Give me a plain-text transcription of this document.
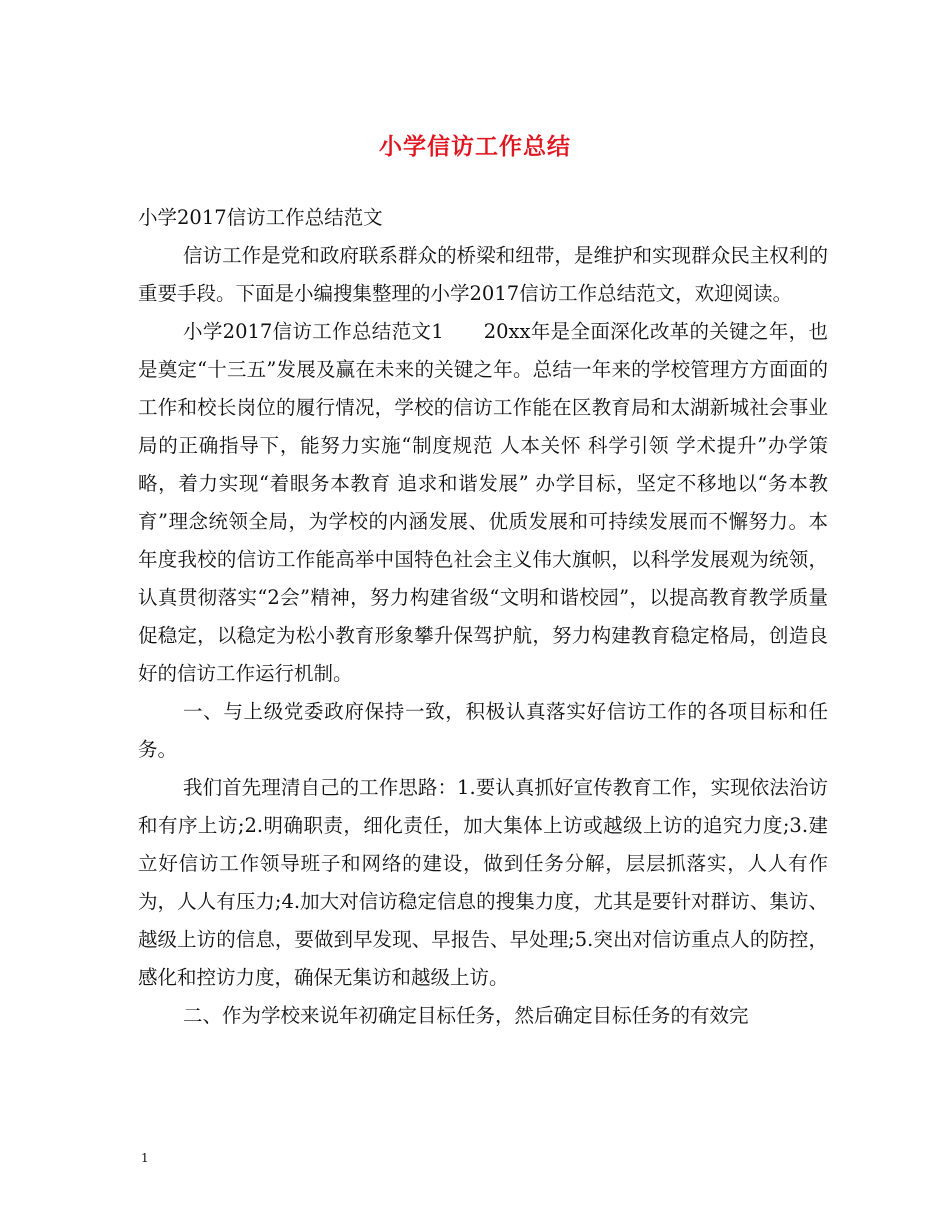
小学信访工作总结

小学2017信访工作总结范文

信访工作是党和政府联系群众的桥梁和纽带，是维护和实现群众民主权利的重要手段。下面是小编搜集整理的小学2017信访工作总结范文，欢迎阅读。

小学2017信访工作总结范文1 20xx年是全面深化改革的关键之年，也是奠定“十三五”发展及赢在未来的关键之年。总结一年来的学校管理方方面面的工作和校长岗位的履行情况，学校的信访工作能在区教育局和太湖新城社会事业局的正确指导下，能努力实施“制度规范 人本关怀 科学引领 学术提升”办学策略，着力实现“着眼务本教育 追求和谐发展” 办学目标，坚定不移地以“务本教育”理念统领全局，为学校的内涵发展、优质发展和可持续发展而不懈努力。本年度我校的信访工作能高举中国特色社会主义伟大旗帜，以科学发展观为统领，认真贯彻落实“2会”精神，努力构建省级“文明和谐校园”，以提高教育教学质量促稳定，以稳定为松小教育形象攀升保驾护航，努力构建教育稳定格局，创造良好的信访工作运行机制。

一、与上级党委政府保持一致，积极认真落实好信访工作的各项目标和任务。

我们首先理清自己的工作思路：1.要认真抓好宣传教育工作，实现依法治访和有序上访;2.明确职责，细化责任，加大集体上访或越级上访的追究力度;3.建立好信访工作领导班子和网络的建设，做到任务分解，层层抓落实，人人有作为，人人有压力;4.加大对信访稳定信息的搜集力度，尤其是要针对群访、集访、越级上访的信息，要做到早发现、早报告、早处理;5.突出对信访重点人的防控，感化和控访力度，确保无集访和越级上访。

二、作为学校来说年初确定目标任务，然后确定目标任务的有效完

1
